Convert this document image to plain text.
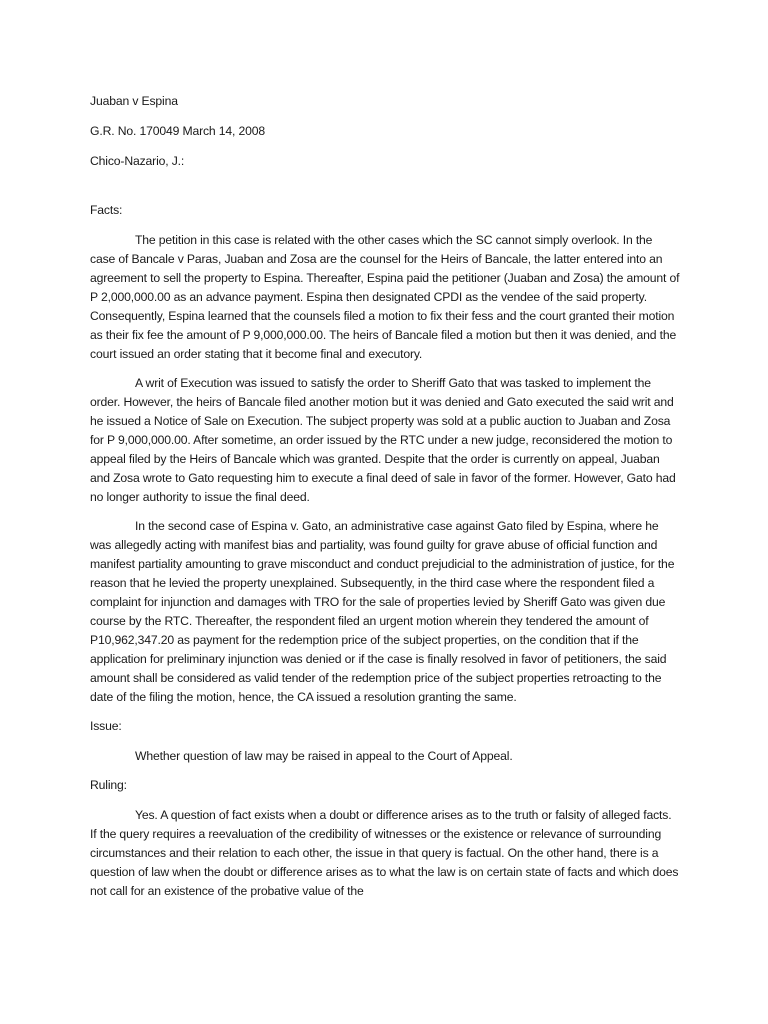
Juaban v Espina
G.R. No. 170049 March 14, 2008
Chico-Nazario, J.:
Facts:

The petition in this case is related with the other cases which the SC cannot simply overlook. In the case of Bancale v Paras, Juaban and Zosa are the counsel for the Heirs of Bancale, the latter entered into an agreement to sell the property to Espina. Thereafter, Espina paid the petitioner (Juaban and Zosa) the amount of P 2,000,000.00 as an advance payment. Espina then designated CPDI as the vendee of the said property. Consequently, Espina learned that the counsels filed a motion to fix their fess and the court granted their motion as their fix fee the amount of P 9,000,000.00. The heirs of Bancale filed a motion but then it was denied, and the court issued an order stating that it become final and executory.

A writ of Execution was issued to satisfy the order to Sheriff Gato that was tasked to implement the order. However, the heirs of Bancale filed another motion but it was denied and Gato executed the said writ and he issued a Notice of Sale on Execution. The subject property was sold at a public auction to Juaban and Zosa for P 9,000,000.00. After sometime, an order issued by the RTC under a new judge, reconsidered the motion to appeal filed by the Heirs of Bancale which was granted. Despite that the order is currently on appeal, Juaban and Zosa wrote to Gato requesting him to execute a final deed of sale in favor of the former. However, Gato had no longer authority to issue the final deed.

In the second case of Espina v. Gato, an administrative case against Gato filed by Espina, where he was allegedly acting with manifest bias and partiality, was found guilty for grave abuse of official function and manifest partiality amounting to grave misconduct and conduct prejudicial to the administration of justice, for the reason that he levied the property unexplained. Subsequently, in the third case where the respondent filed a complaint for injunction and damages with TRO for the sale of properties levied by Sheriff Gato was given due course by the RTC. Thereafter, the respondent filed an urgent motion wherein they tendered the amount of P10,962,347.20 as payment for the redemption price of the subject properties, on the condition that if the application for preliminary injunction was denied or if the case is finally resolved in favor of petitioners, the said amount shall be considered as valid tender of the redemption price of the subject properties retroacting to the date of the filing the motion, hence, the CA issued a resolution granting the same.

Issue:

Whether question of law may be raised in appeal to the Court of Appeal.

Ruling:

Yes. A question of fact exists when a doubt or difference arises as to the truth or falsity of alleged facts. If the query requires a reevaluation of the credibility of witnesses or the existence or relevance of surrounding circumstances and their relation to each other, the issue in that query is factual. On the other hand, there is a question of law when the doubt or difference arises as to what the law is on certain state of facts and which does not call for an existence of the probative value of the
